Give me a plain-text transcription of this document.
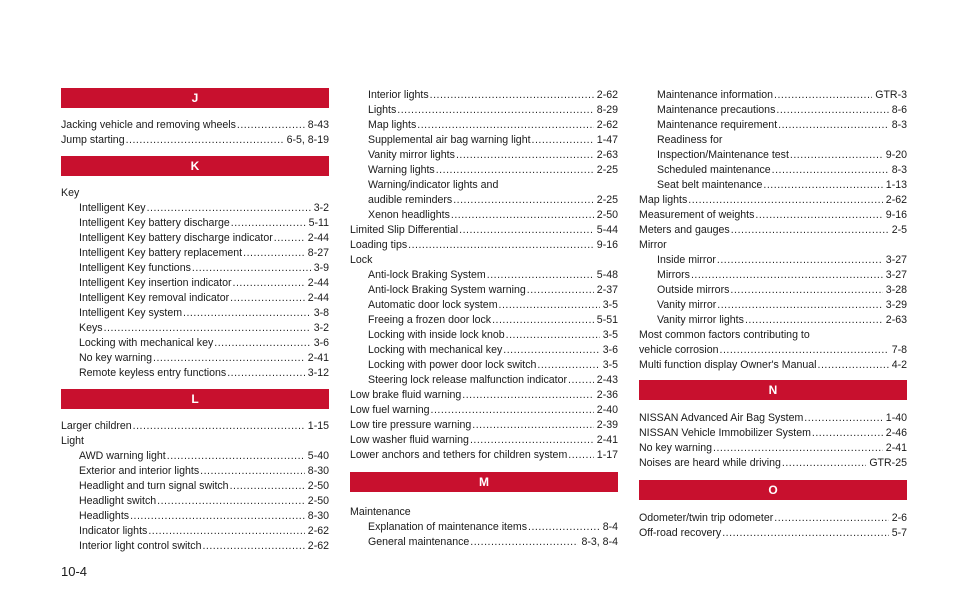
J
Jacking vehicle and removing wheels .....	8-43
Jump starting .....	6-5, 8-19
K
Key
Intelligent Key .....	3-2
Intelligent Key battery discharge .....	5-11
Intelligent Key battery discharge indicator .....	2-44
Intelligent Key battery replacement .....	8-27
Intelligent Key functions .....	3-9
Intelligent Key insertion indicator .....	2-44
Intelligent Key removal indicator .....	2-44
Intelligent Key system .....	3-8
Keys .....	3-2
Locking with mechanical key .....	3-6
No key warning .....	2-41
Remote keyless entry functions .....	3-12
L
Larger children .....	1-15
Light
AWD warning light .....	5-40
Exterior and interior lights .....	8-30
Headlight and turn signal switch .....	2-50
Headlight switch .....	2-50
Headlights .....	8-30
Indicator lights .....	2-62
Interior light control switch .....	2-62
Interior lights .....	2-62
Lights .....	8-29
Map lights .....	2-62
Supplemental air bag warning light .....	1-47
Vanity mirror lights .....	2-63
Warning lights .....	2-25
Warning/indicator lights and
audible reminders .....	2-25
Xenon headlights .....	2-50
Limited Slip Differential .....	5-44
Loading tips .....	9-16
Lock
Anti-lock Braking System .....	5-48
Anti-lock Braking System warning .....	2-37
Automatic door lock system .....	3-5
Freeing a frozen door lock .....	5-51
Locking with inside lock knob .....	3-5
Locking with mechanical key .....	3-6
Locking with power door lock switch .....	3-5
Steering lock release malfunction indicator .....	2-43
Low brake fluid warning .....	2-36
Low fuel warning .....	2-40
Low tire pressure warning .....	2-39
Low washer fluid warning .....	2-41
Lower anchors and tethers for children system .....	1-17
M
Maintenance
Explanation of maintenance items .....	8-4
General maintenance .....	8-3, 8-4
Maintenance information .....	GTR-3
Maintenance precautions .....	8-6
Maintenance requirement .....	8-3
Readiness for
Inspection/Maintenance test .....	9-20
Scheduled maintenance .....	8-3
Seat belt maintenance .....	1-13
Map lights .....	2-62
Measurement of weights .....	9-16
Meters and gauges .....	2-5
Mirror
Inside mirror .....	3-27
Mirrors .....	3-27
Outside mirrors .....	3-28
Vanity mirror .....	3-29
Vanity mirror lights .....	2-63
Most common factors contributing to
vehicle corrosion .....	7-8
Multi function display Owner's Manual .....	4-2
N
NISSAN Advanced Air Bag System .....	1-40
NISSAN Vehicle Immobilizer System .....	2-46
No key warning .....	2-41
Noises are heard while driving .....	GTR-25
O
Odometer/twin trip odometer .....	2-6
Off-road recovery .....	5-7
10-4
